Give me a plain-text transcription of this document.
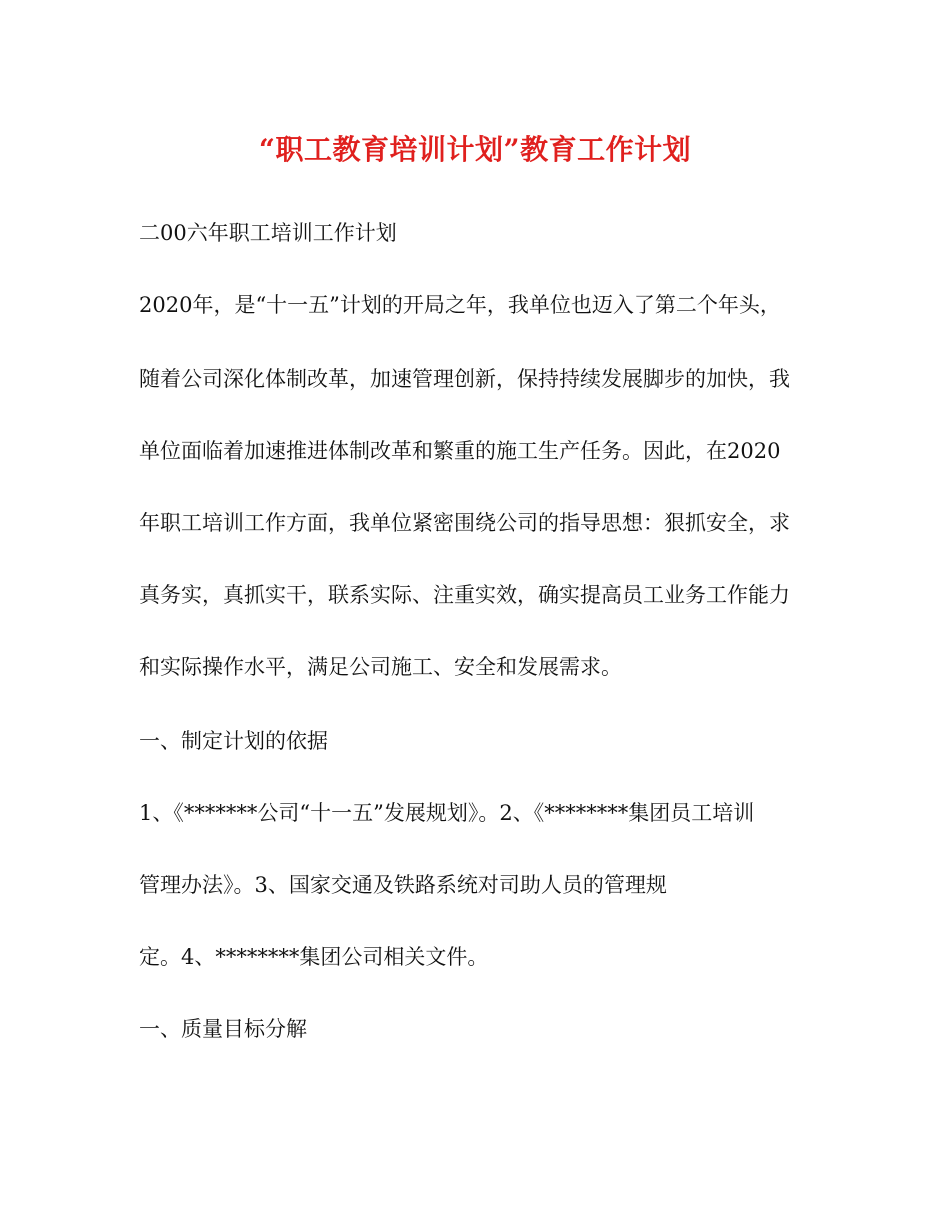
“职工教育培训计划”教育工作计划
二00六年职工培训工作计划
2020年，是“十一五”计划的开局之年，我单位也迈入了第二个年头，
随着公司深化体制改革，加速管理创新，保持持续发展脚步的加快，我
单位面临着加速推进体制改革和繁重的施工生产任务。因此，在2020
年职工培训工作方面，我单位紧密围绕公司的指导思想：狠抓安全，求
真务实，真抓实干，联系实际、注重实效，确实提高员工业务工作能力
和实际操作水平，满足公司施工、安全和发展需求。
一、制定计划的依据
1、《*******公司“十一五”发展规划》。2、《********集团员工培训
管理办法》。3、国家交通及铁路系统对司助人员的管理规
定。4、********集团公司相关文件。
一、质量目标分解
